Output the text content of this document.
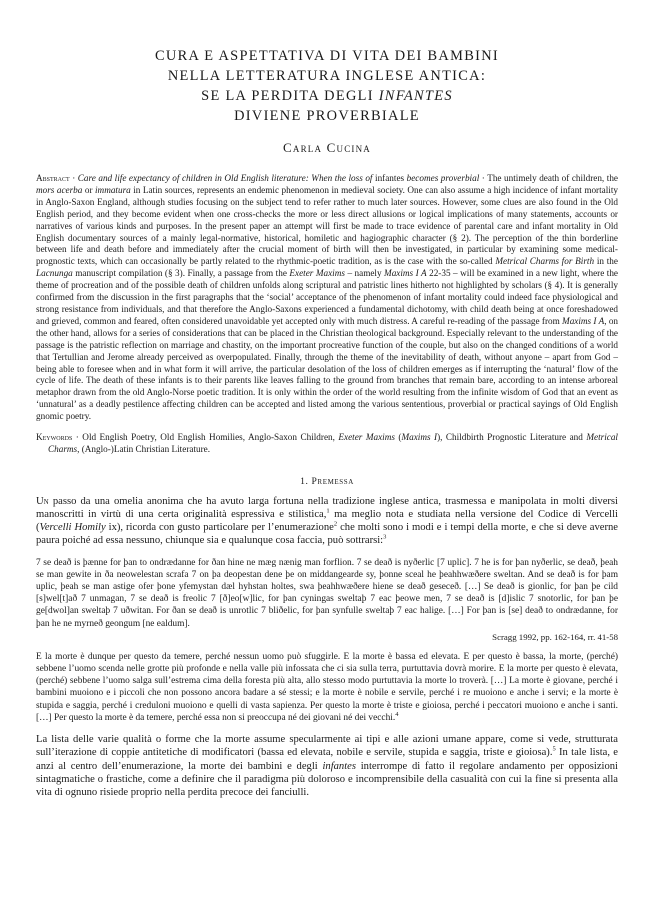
CURA E ASPETTATIVA DI VITA DEI BAMBINI
NELLA LETTERATURA INGLESE ANTICA:
SE LA PERDITA DEGLI INFANTES
DIVIENE PROVERBIALE
Carla Cucina

Abstract · Care and life expectancy of children in Old English literature: When the loss of infantes becomes proverbial · The untimely death of children, the mors acerba or immatura in Latin sources, represents an endemic phenomenon in medieval society. One can also assume a high incidence of infant mortality in Anglo-Saxon England, although studies focusing on the subject tend to refer rather to much later sources. However, some clues are also found in the Old English period, and they become evident when one cross-checks the more or less direct allusions or logical implications of many statements, accounts or narratives of various kinds and purposes. In the present paper an attempt will first be made to trace evidence of parental care and infant mortality in Old English documentary sources of a mainly legal-normative, historical, homiletic and hagiographic character (§ 2). The perception of the thin borderline between life and death before and immediately after the crucial moment of birth will then be investigated, in particular by examining some medical-prognostic texts, which can occasionally be partly related to the rhythmic-poetic tradition, as is the case with the so-called Metrical Charms for Birth in the Lacnunga manuscript compilation (§ 3). Finally, a passage from the Exeter Maxims – namely Maxims I A 22-35 – will be examined in a new light, where the theme of procreation and of the possible death of children unfolds along scriptural and patristic lines hitherto not highlighted by scholars (§ 4). It is generally confirmed from the discussion in the first paragraphs that the ‘social’ acceptance of the phenomenon of infant mortality could indeed face physiological and strong resistance from individuals, and that therefore the Anglo-Saxons experienced a fundamental dichotomy, with child death being at once foreshadowed and grieved, common and feared, often considered unavoidable yet accepted only with much distress. A careful re-reading of the passage from Maxims I A, on the other hand, allows for a series of considerations that can be placed in the Christian theological background. Especially relevant to the understanding of the passage is the patristic reflection on marriage and chastity, on the important procreative function of the couple, but also on the changed conditions of a world that Tertullian and Jerome already perceived as overpopulated. Finally, through the theme of the inevitability of death, without anyone – apart from God – being able to foresee when and in what form it will arrive, the particular desolation of the loss of children emerges as if interrupting the ‘natural’ flow of the cycle of life. The death of these infants is to their parents like leaves falling to the ground from branches that remain bare, according to an intense arboreal metaphor drawn from the old Anglo-Norse poetic tradition. It is only within the order of the world resulting from the infinite wisdom of God that an event as ‘unnatural’ as a deadly pestilence affecting children can be accepted and listed among the various sententious, proverbial or practical sayings of Old English gnomic poetry.

Keywords · Old English Poetry, Old English Homilies, Anglo-Saxon Children, Exeter Maxims (Maxims I), Childbirth Prognostic Literature and Metrical Charms, (Anglo-)Latin Christian Literature.

1. Premessa

Un passo da una omelia anonima che ha avuto larga fortuna nella tradizione inglese antica, trasmessa e manipolata in molti diversi manoscritti in virtù di una certa originalità espressiva e stilistica,$^1$ ma meglio nota e studiata nella versione del Codice di Vercelli (Vercelli Homily ix), ricorda con gusto particolare per l’enumerazione$^2$ che molti sono i modi e i tempi della morte, e che si deve averne paura poiché ad essa nessuno, chiunque sia e qualunque cosa faccia, può sottrarsi:$^3$

7 se deað is þænne for þan to ondrædanne for ðan hine ne mæg nænig man forflion. 7 se deað is nyðerlic [7 uplic]. 7 he is for þan nyðerlic, se deað, þeah se man gewite in ða neowelestan scrafa 7 on þa deopestan dene þe on middangearde sy, þonne sceal he þeahhwæðere sweltan. And se deað is for þam uplic, þeah se man astige ofer þone yfemystan dæl hyhstan holtes, swa þeahhwæðere hiene se deað geseceð. […] Se deað is gionlic, for þan þe cild [s]wel[t]að 7 unmagan, 7 se deað is freolic 7 [ð]eo[w]lic, for þan cyningas sweltaþ 7 eac þeowe men, 7 se deað is [d]islic 7 snotorlic, for þan þe ge[dwol]an sweltaþ 7 uðwitan. For ðan se deað is unrotlic 7 bliðelic, for þan synfulle sweltaþ 7 eac halige. […] For þan is [se] deað to ondrædanne, for þan he ne myrneð geongum [ne ealdum].

Scragg 1992, pp. 162-164, rr. 41-58

E la morte è dunque per questo da temere, perché nessun uomo può sfuggirle. E la morte è bassa ed elevata. E per questo è bassa, la morte, (perché) sebbene l’uomo scenda nelle grotte più profonde e nella valle più infossata che ci sia sulla terra, purtuttavia dovrà morire. E la morte per questo è elevata, (perché) sebbene l’uomo salga sull’estrema cima della foresta più alta, allo stesso modo purtuttavia la morte lo troverà. […] La morte è giovane, perché i bambini muoiono e i piccoli che non possono ancora badare a sé stessi; e la morte è nobile e servile, perché i re muoiono e anche i servi; e la morte è stupida e saggia, perché i creduloni muoiono e quelli di vasta sapienza. Per questo la morte è triste e gioiosa, perché i peccatori muoiono e anche i santi. […] Per questo la morte è da temere, perché essa non si preoccupa né dei giovani né dei vecchi.$^4$

La lista delle varie qualità o forme che la morte assume specularmente ai tipi e alle azioni umane appare, come si vede, strutturata sull’iterazione di coppie antitetiche di modificatori (bassa ed elevata, nobile e servile, stupida e saggia, triste e gioiosa).$^5$ In tale lista, e anzi al centro dell’enumerazione, la morte dei bambini e degli infantes interrompe di fatto il regolare andamento per opposizioni sintagmatiche o frastiche, come a definire che il paradigma più doloroso e incomprensibile della casualità con cui la fine si presenta alla vita di ognuno risiede proprio nella perdita precoce dei fanciulli.
